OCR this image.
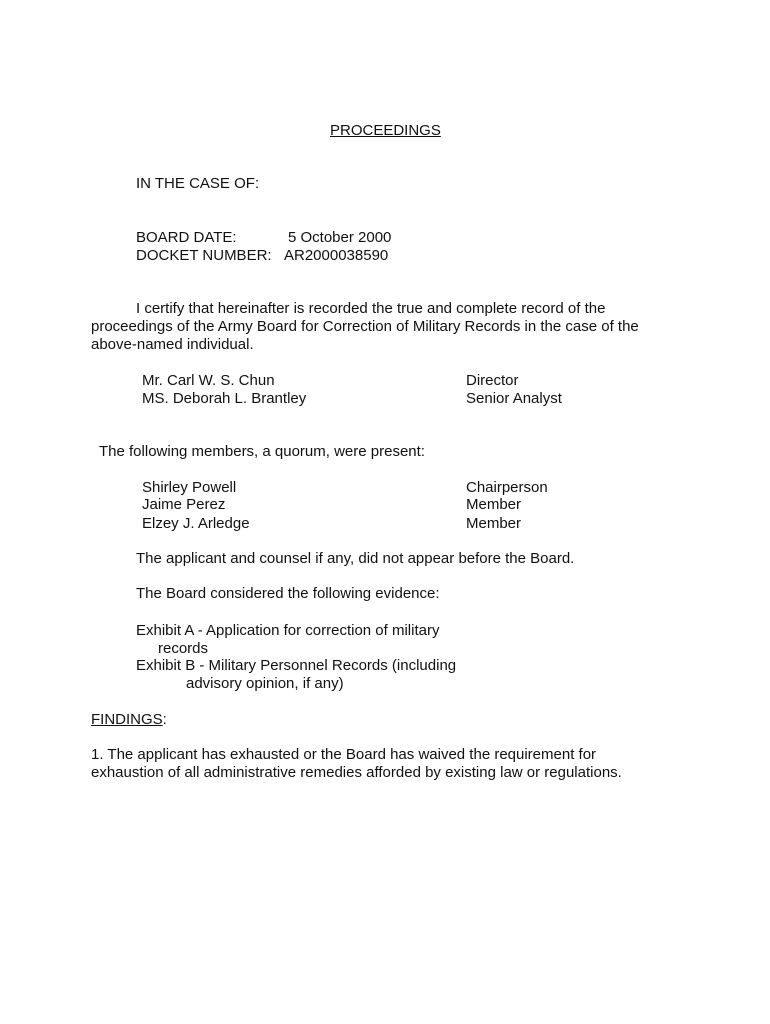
PROCEEDINGS
IN THE CASE OF:
BOARD DATE:	5 October 2000
DOCKET NUMBER: AR2000038590
I certify that hereinafter is recorded the true and complete record of the
proceedings of the Army Board for Correction of Military Records in the case of the
above-named individual.
Mr. Carl W. S. Chun	Director
MS. Deborah L. Brantley	Senior Analyst
The following members, a quorum, were present:
Shirley Powell	Chairperson
Jaime Perez	Member
Elzey J. Arledge	Member
The applicant and counsel if any, did not appear before the Board.
The Board considered the following evidence:
Exhibit A - Application for correction of military
records
Exhibit B - Military Personnel Records (including
advisory opinion, if any)
FINDINGS:
1. The applicant has exhausted or the Board has waived the requirement for
exhaustion of all administrative remedies afforded by existing law or regulations.
